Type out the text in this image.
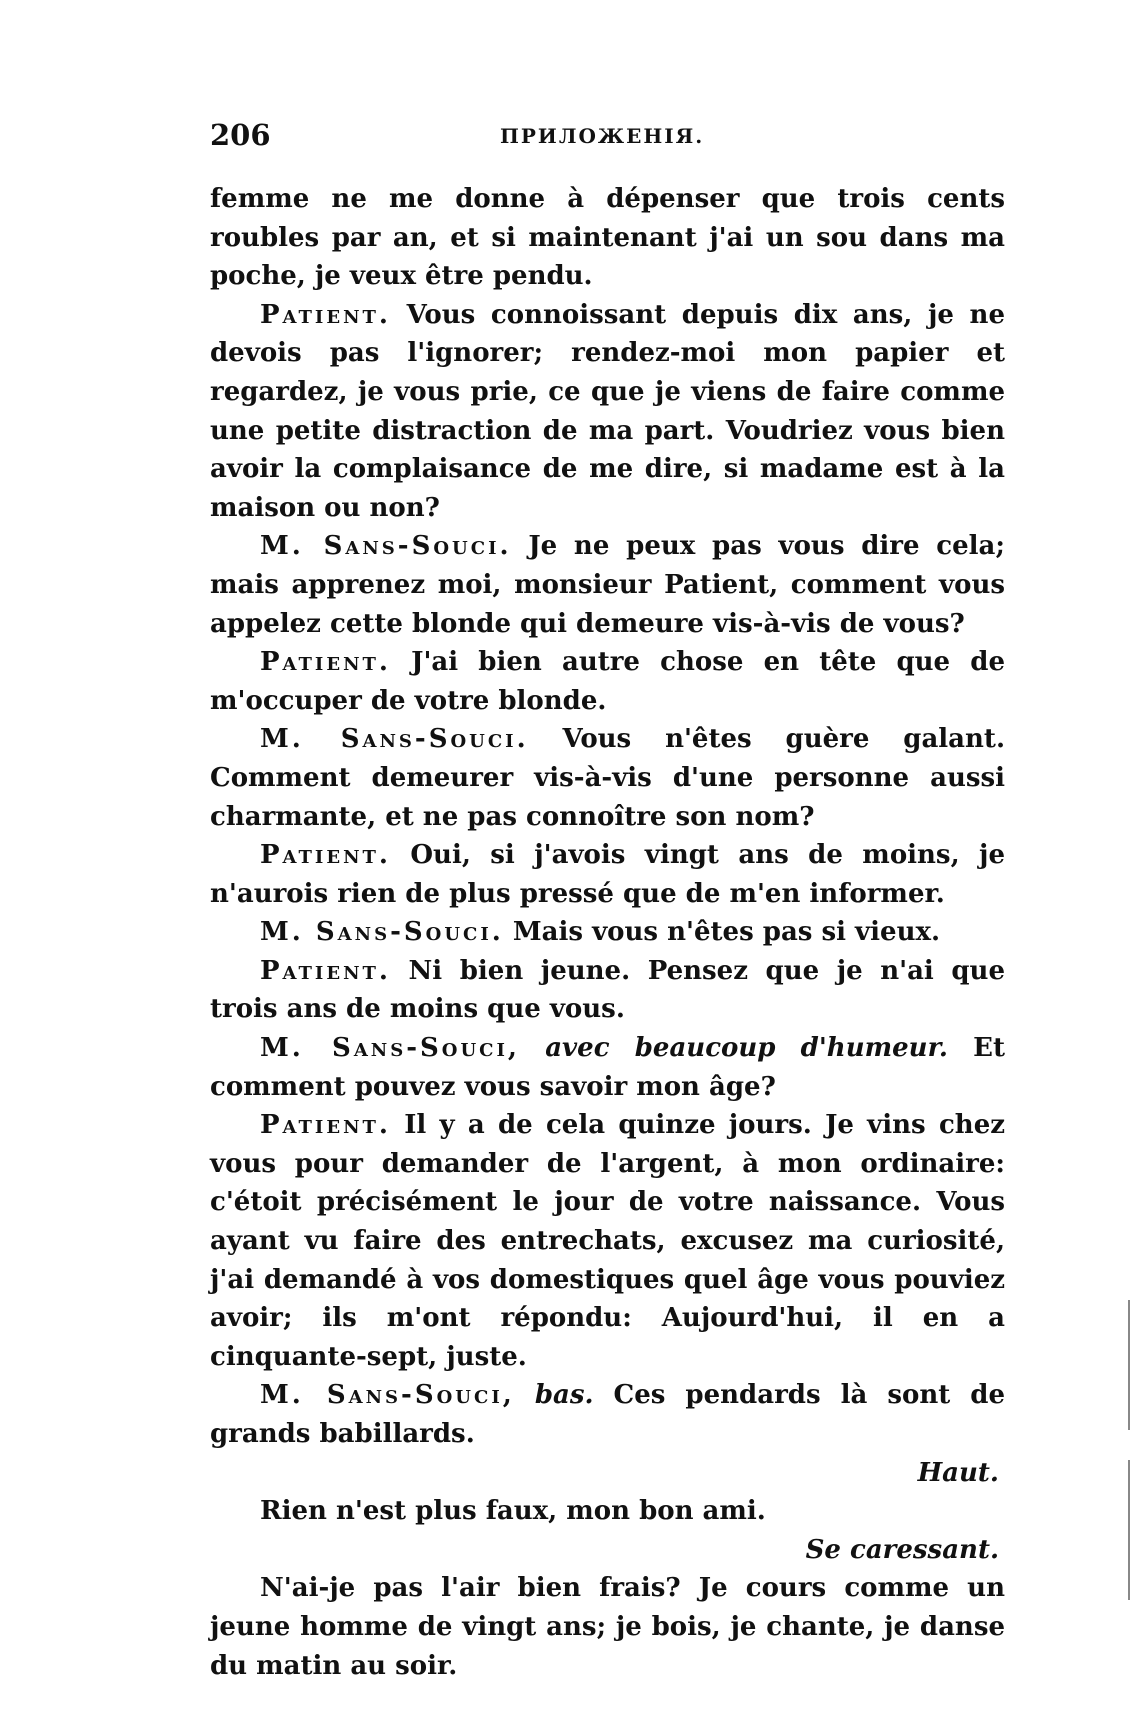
206	ПРИЛОЖЕНІЯ.

femme ne me donne à dépenser que trois cents roubles par an, et si maintenant j'ai un sou dans ma poche, je veux être pendu.

Patient. Vous connoissant depuis dix ans, je ne devois pas l'ignorer; rendez-moi mon papier et regardez, je vous prie, ce que je viens de faire comme une petite distraction de ma part. Voudriez vous bien avoir la complaisance de me dire, si madame est à la maison ou non?

M. Sans-Souci. Je ne peux pas vous dire cela; mais apprenez moi, monsieur Patient, comment vous appelez cette blonde qui demeure vis-à-vis de vous?

Patient. J'ai bien autre chose en tête que de m'occuper de votre blonde.

M. Sans-Souci. Vous n'êtes guère galant. Comment demeurer vis-à-vis d'une personne aussi charmante, et ne pas connoître son nom?

Patient. Oui, si j'avois vingt ans de moins, je n'aurois rien de plus pressé que de m'en informer.

M. Sans-Souci. Mais vous n'êtes pas si vieux.

Patient. Ni bien jeune. Pensez que je n'ai que trois ans de moins que vous.

M. Sans-Souci, avec beaucoup d'humeur. Et comment pouvez vous savoir mon âge?

Patient. Il y a de cela quinze jours. Je vins chez vous pour demander de l'argent, à mon ordinaire: c'étoit précisément le jour de votre naissance. Vous ayant vu faire des entrechats, excusez ma curiosité, j'ai demandé à vos domestiques quel âge vous pouviez avoir; ils m'ont répondu: Aujourd'hui, il en a cinquante-sept, juste.

M. Sans-Souci, bas. Ces pendards là sont de grands babillards.

Haut.

Rien n'est plus faux, mon bon ami.

Se caressant.

N'ai-je pas l'air bien frais? Je cours comme un jeune homme de vingt ans; je bois, je chante, je danse du matin au soir.
